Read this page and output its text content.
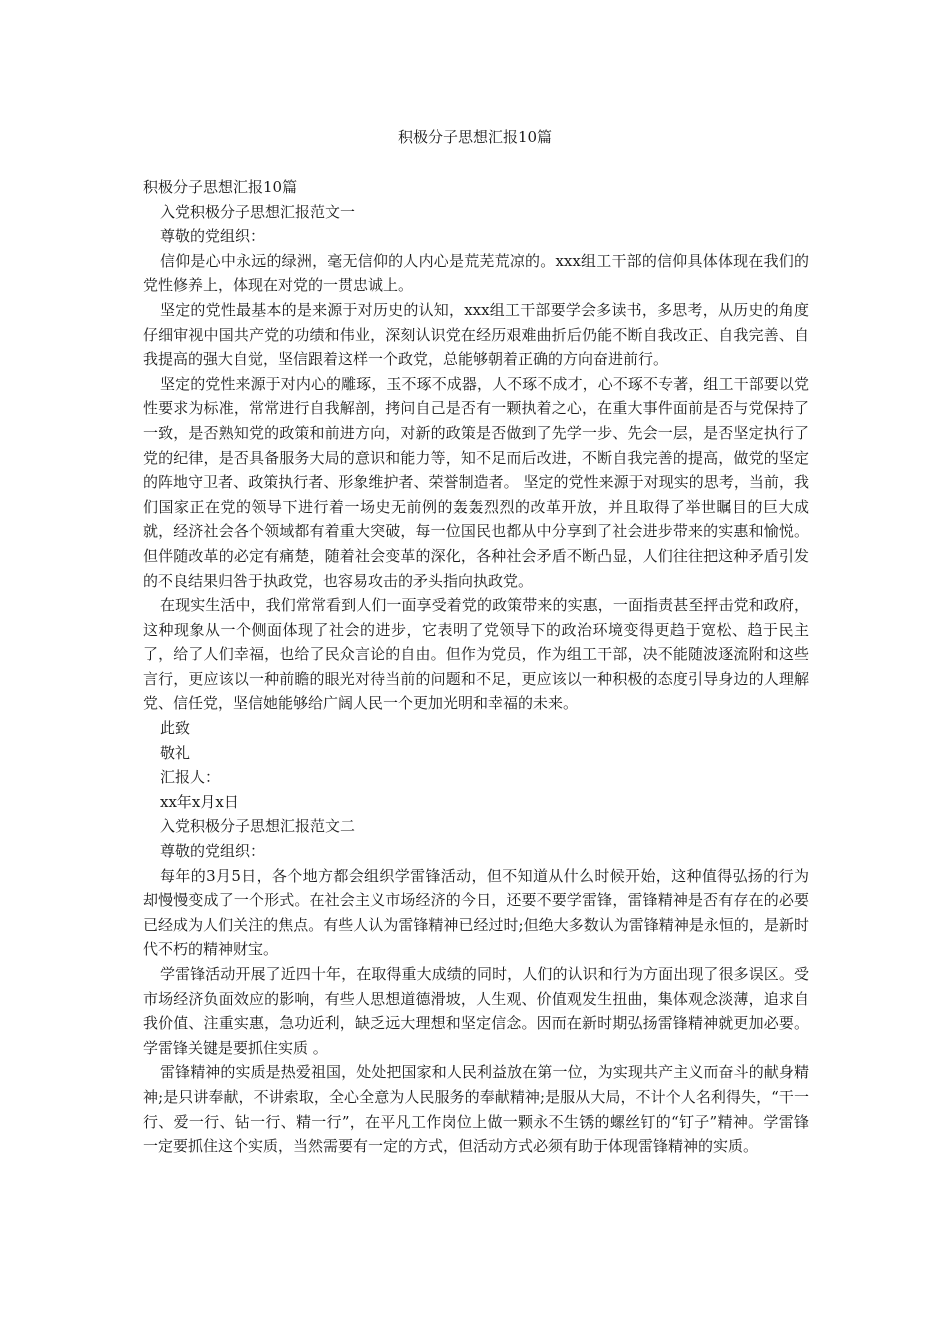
积极分子思想汇报10篇
积极分子思想汇报10篇
入党积极分子思想汇报范文一
尊敬的党组织：

信仰是心中永远的绿洲，毫无信仰的人内心是荒芜荒凉的。xxx组工干部的信仰具体体现在我们的党性修养上，体现在对党的一贯忠诚上。

坚定的党性最基本的是来源于对历史的认知，xxx组工干部要学会多读书，多思考，从历史的角度仔细审视中国共产党的功绩和伟业，深刻认识党在经历艰难曲折后仍能不断自我改正、自我完善、自我提高的强大自觉，坚信跟着这样一个政党，总能够朝着正确的方向奋进前行。

坚定的党性来源于对内心的雕琢，玉不琢不成器，人不琢不成才，心不琢不专著，组工干部要以党性要求为标准，常常进行自我解剖，拷问自己是否有一颗执着之心，在重大事件面前是否与党保持了一致，是否熟知党的政策和前进方向，对新的政策是否做到了先学一步、先会一层，是否坚定执行了党的纪律，是否具备服务大局的意识和能力等，知不足而后改进，不断自我完善的提高，做党的坚定的阵地守卫者、政策执行者、形象维护者、荣誉制造者。 坚定的党性来源于对现实的思考，当前，我们国家正在党的领导下进行着一场史无前例的轰轰烈烈的改革开放，并且取得了举世瞩目的巨大成就，经济社会各个领域都有着重大突破，每一位国民也都从中分享到了社会进步带来的实惠和愉悦。但伴随改革的必定有痛楚，随着社会变革的深化，各种社会矛盾不断凸显，人们往往把这种矛盾引发的不良结果归咎于执政党，也容易攻击的矛头指向执政党。

在现实生活中，我们常常看到人们一面享受着党的政策带来的实惠，一面指责甚至抨击党和政府，这种现象从一个侧面体现了社会的进步，它表明了党领导下的政治环境变得更趋于宽松、趋于民主了，给了人们幸福，也给了民众言论的自由。但作为党员，作为组工干部，决不能随波逐流附和这些言行，更应该以一种前瞻的眼光对待当前的问题和不足，更应该以一种积极的态度引导身边的人理解党、信任党，坚信她能够给广阔人民一个更加光明和幸福的未来。

此致
敬礼
汇报人：
xx年x月x日
入党积极分子思想汇报范文二
尊敬的党组织：

每年的3月5日，各个地方都会组织学雷锋活动，但不知道从什么时候开始，这种值得弘扬的行为却慢慢变成了一个形式。在社会主义市场经济的今日，还要不要学雷锋，雷锋精神是否有存在的必要已经成为人们关注的焦点。有些人认为雷锋精神已经过时;但绝大多数认为雷锋精神是永恒的，是新时代不朽的精神财宝。

学雷锋活动开展了近四十年，在取得重大成绩的同时，人们的认识和行为方面出现了很多误区。受市场经济负面效应的影响，有些人思想道德滑坡，人生观、价值观发生扭曲，集体观念淡薄，追求自我价值、注重实惠，急功近利，缺乏远大理想和坚定信念。因而在新时期弘扬雷锋精神就更加必要。学雷锋关键是要抓住实质 。

雷锋精神的实质是热爱祖国，处处把国家和人民利益放在第一位，为实现共产主义而奋斗的献身精神;是只讲奉献，不讲索取，全心全意为人民服务的奉献精神;是服从大局，不计个人名利得失，“干一行、爱一行、钻一行、精一行”，在平凡工作岗位上做一颗永不生锈的螺丝钉的“钉子”精神。学雷锋一定要抓住这个实质，当然需要有一定的方式，但活动方式必须有助于体现雷锋精神的实质。
